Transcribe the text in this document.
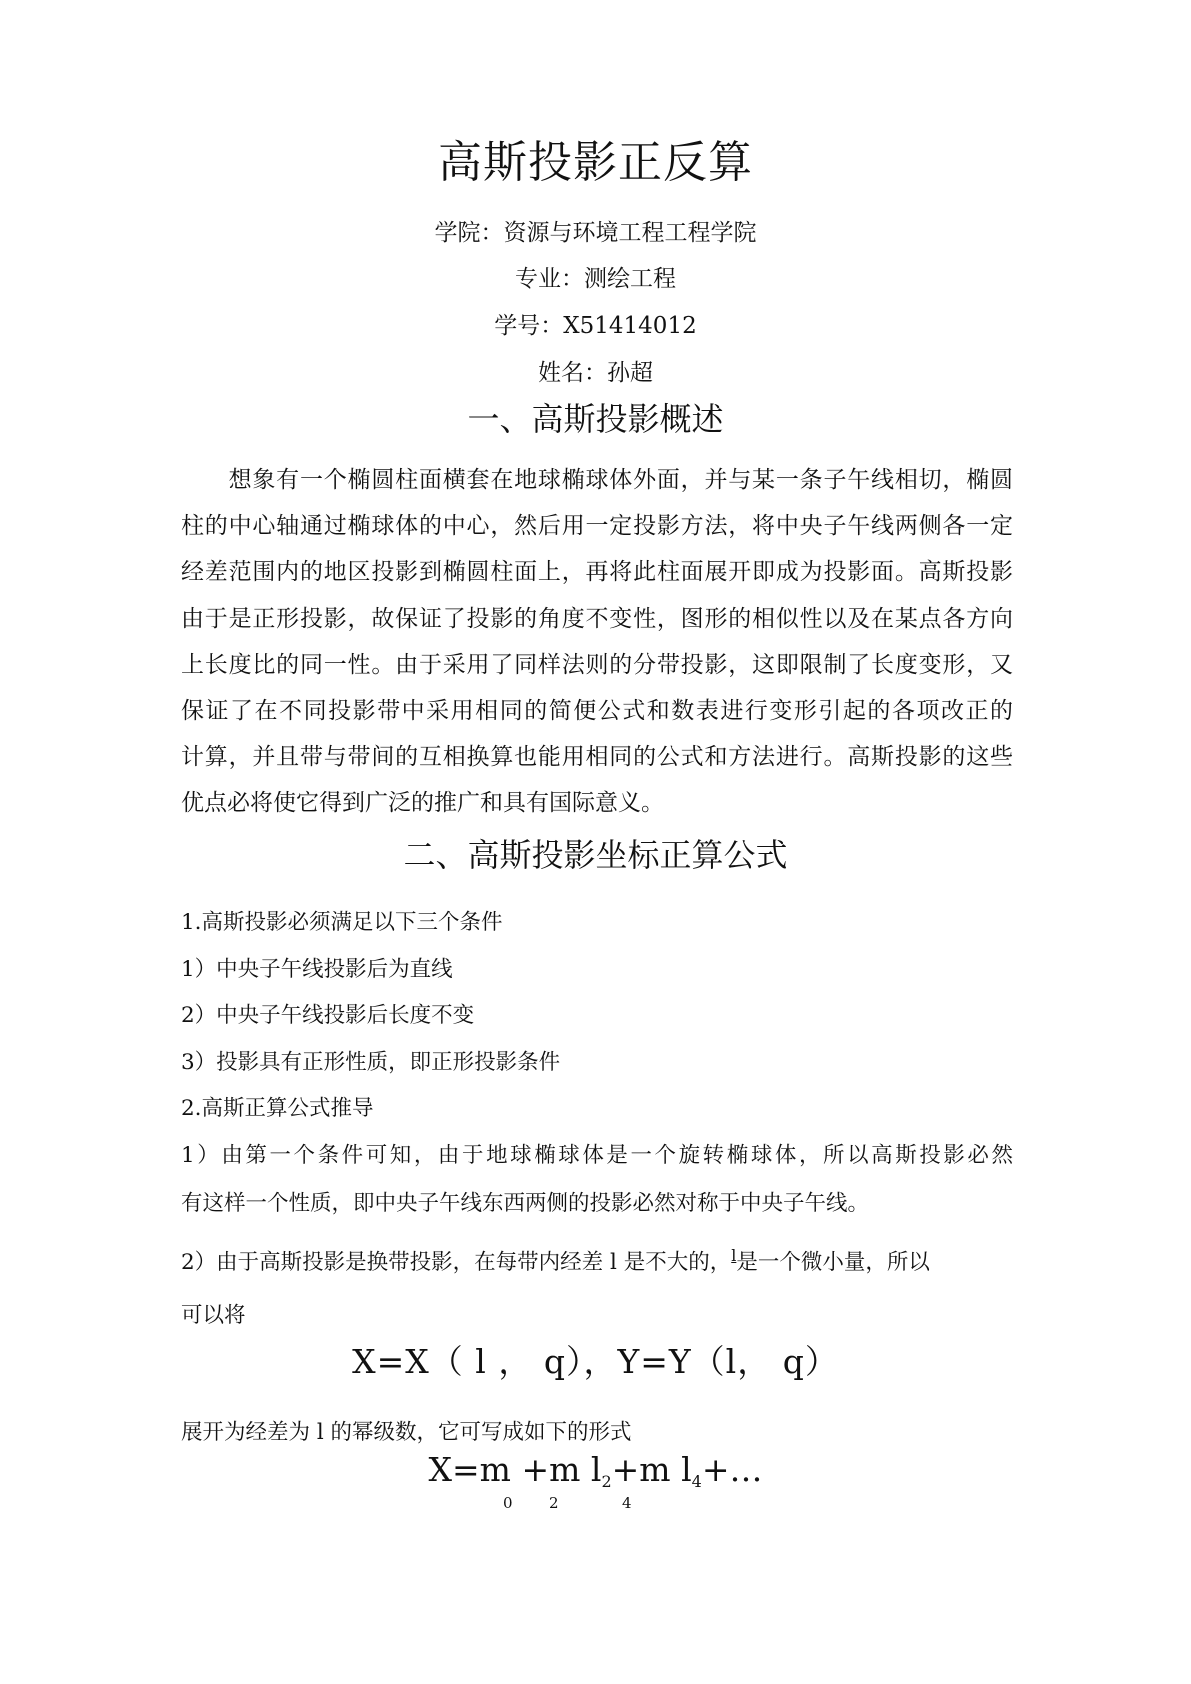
高斯投影正反算
学院：资源与环境工程工程学院
专业：测绘工程
学号：X51414012
姓名：孙超
一、高斯投影概述
　　想象有一个椭圆柱面横套在地球椭球体外面，并与某一条子午线相切，椭圆
柱的中心轴通过椭球体的中心，然后用一定投影方法，将中央子午线两侧各一定
经差范围内的地区投影到椭圆柱面上，再将此柱面展开即成为投影面。高斯投影
由于是正形投影，故保证了投影的角度不变性，图形的相似性以及在某点各方向
上长度比的同一性。由于采用了同样法则的分带投影，这即限制了长度变形，又
保证了在不同投影带中采用相同的简便公式和数表进行变形引起的各项改正的
计算，并且带与带间的互相换算也能用相同的公式和方法进行。高斯投影的这些
优点必将使它得到广泛的推广和具有国际意义。
二、高斯投影坐标正算公式
1.高斯投影必须满足以下三个条件
1）中央子午线投影后为直线
2）中央子午线投影后长度不变
3）投影具有正形性质，即正形投影条件
2.高斯正算公式推导
1）由第一个条件可知，由于地球椭球体是一个旋转椭球体，所以高斯投影必然
有这样一个性质，即中央子午线东西两侧的投影必然对称于中央子午线。
2）由于高斯投影是换带投影，在每带内经差 l 是不大的，$^l$是一个微小量，所以
可以将
X=X（ l ， q），Y=Y（l， q）
展开为经差为 l 的幂级数，它可写成如下的形式
X=m +m $l_2+m$ $l_4+\dots$
0 2	4
